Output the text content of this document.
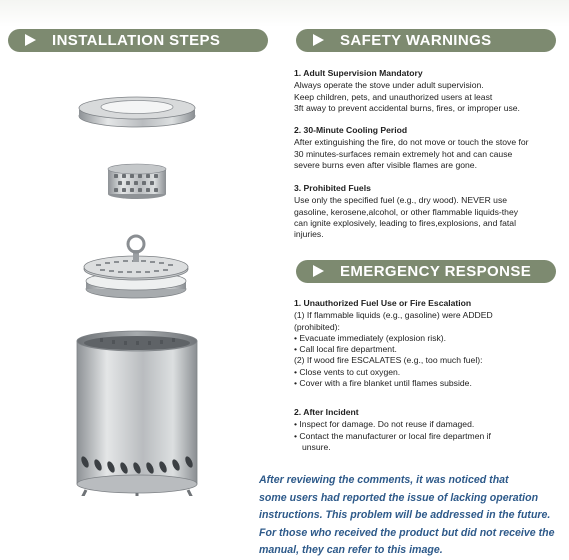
INSTALLATION STEPS	SAFETY WARNINGS
EMERGENCY RESPONSE
1. Adult Supervision Mandatory
Always operate the stove under adult supervision.
Keep children, pets, and unauthorized users at least
3ft away to prevent accidental burns, fires, or improper use.
2. 30-Minute Cooling Period
After extinguishing the fire, do not move or touch the stove for
30 minutes-surfaces remain extremely hot and can cause
severe burns even after visible flames are gone.
3. Prohibited Fuels
Use only the specified fuel (e.g., dry wood). NEVER use
gasoline, kerosene,alcohol, or other flammable liquids-they
can ignite explosively, leading to fires,explosions, and fatal
injuries.
1. Unauthorized Fuel Use or Fire Escalation
(1) If flammable liquids (e.g., gasoline) were ADDED
(prohibited):
• Evacuate immediately (explosion risk).
• Call local fire department.
(2) If wood fire ESCALATES (e.g., too much fuel):
• Close vents to cut oxygen.
• Cover with a fire blanket until flames subside.
2. After Incident
• Inspect for damage. Do not reuse if damaged.
• Contact the manufacturer or local fire departmen if
unsure.
After reviewing the comments, it was noticed that
some users had reported the issue of lacking operation
instructions. This problem will be addressed in the future.
For those who received the product but did not receive the
manual, they can refer to this image.
